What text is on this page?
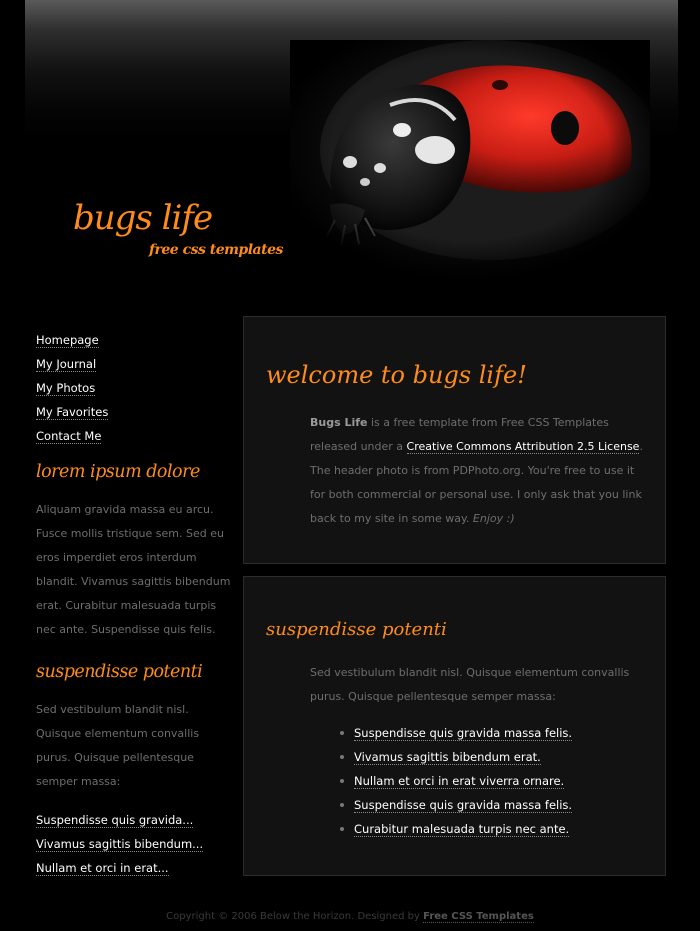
bugs life
free css templates
Homepage
My Journal
My Photos
My Favorites
Contact Me
lorem ipsum dolore

Aliquam gravida massa eu arcu. Fusce mollis tristique sem. Sed eu eros imperdiet eros interdum blandit. Vivamus sagittis bibendum erat. Curabitur malesuada turpis nec ante. Suspendisse quis felis.

suspendisse potenti

Sed vestibulum blandit nisl. Quisque elementum convallis purus. Quisque pellentesque semper massa:

Suspendisse quis gravida...
Vivamus sagittis bibendum...
Nullam et orci in erat...
welcome to bugs life!
Bugs Life is a free template from Free CSS Templates released under a Creative Commons Attribution 2.5 License. The header photo is from PDPhoto.org. You're free to use it for both commercial or personal use. I only ask that you link back to my site in some way. Enjoy :)
suspendisse potenti
Sed vestibulum blandit nisl. Quisque elementum convallis purus. Quisque pellentesque semper massa:
Suspendisse quis gravida massa felis.
Vivamus sagittis bibendum erat.
Nullam et orci in erat viverra ornare.
Suspendisse quis gravida massa felis.
Curabitur malesuada turpis nec ante.
Copyright © 2006 Below the Horizon. Designed by Free CSS Templates
